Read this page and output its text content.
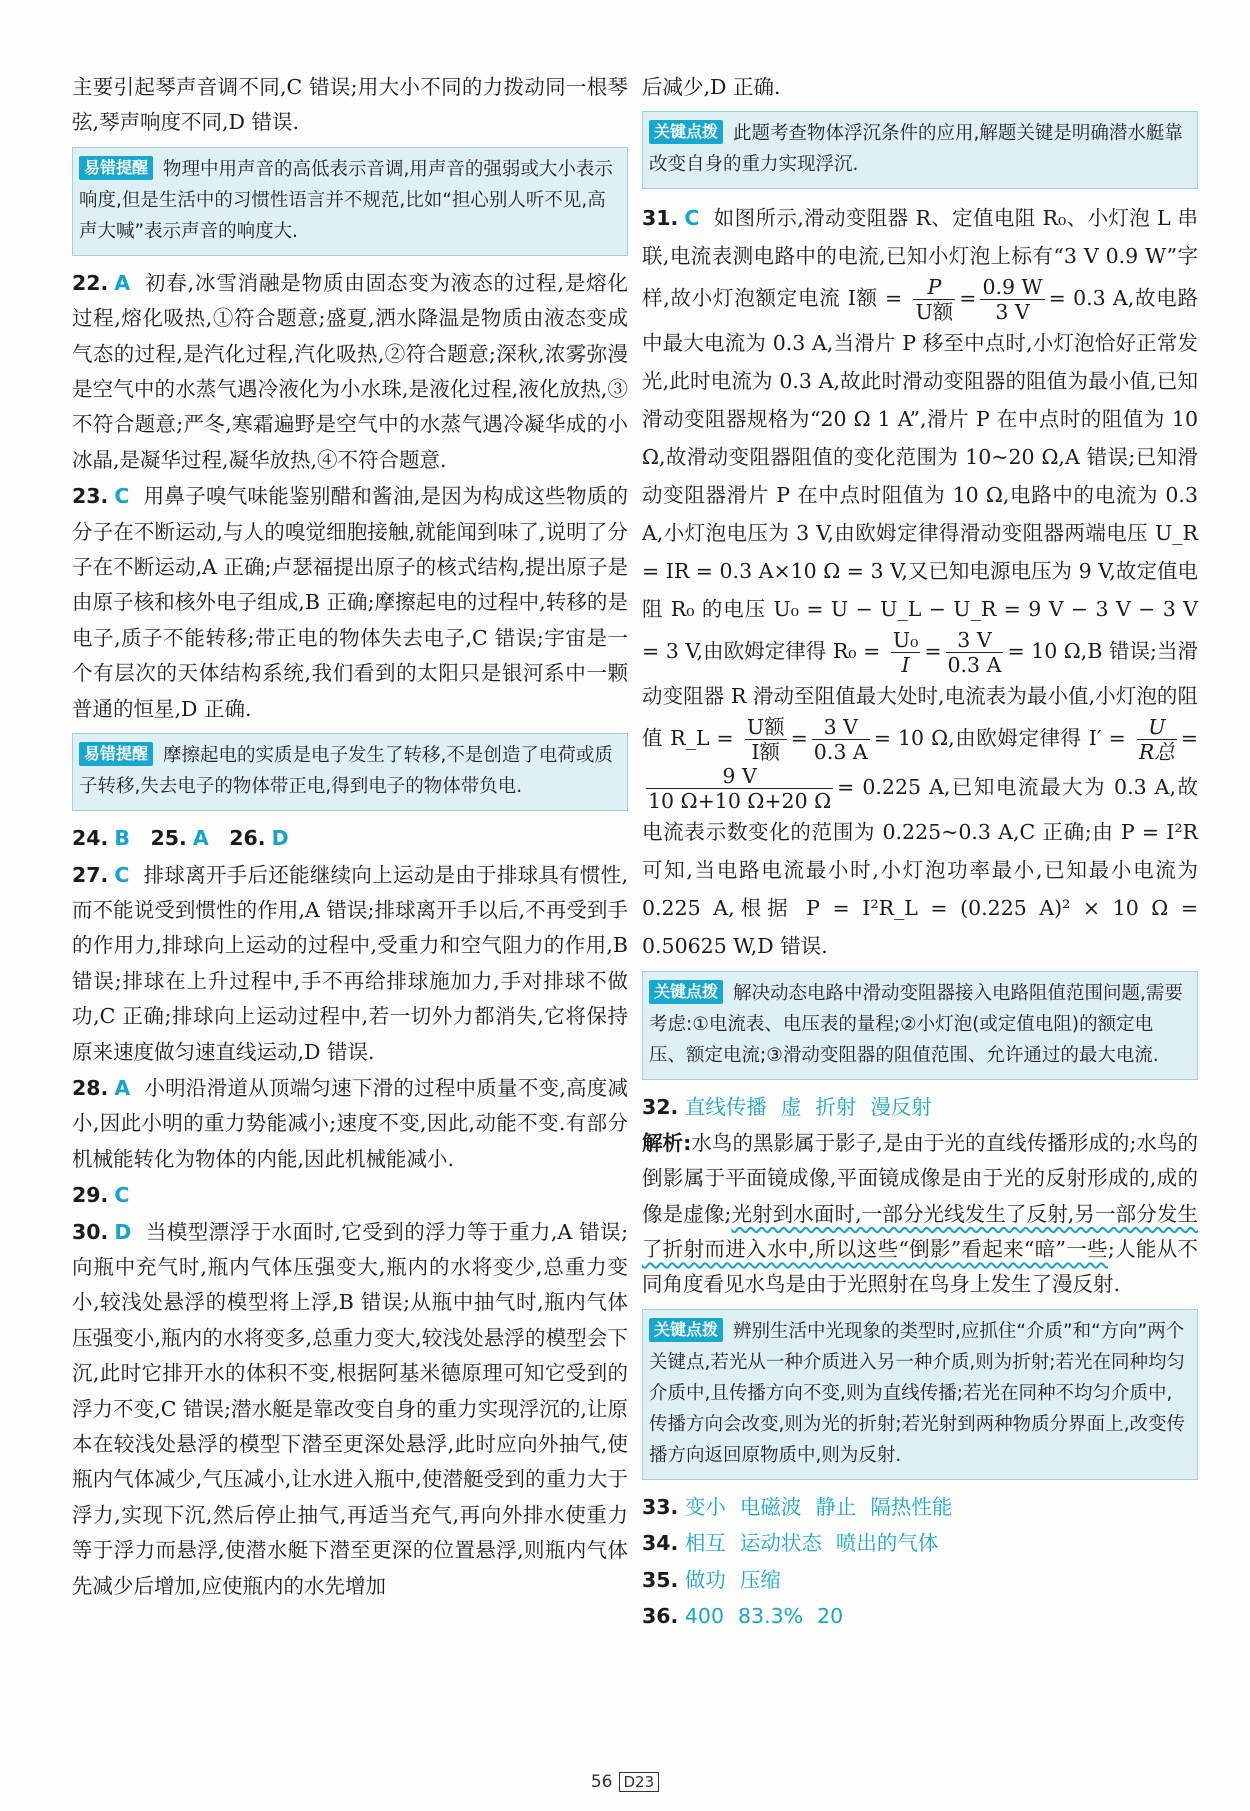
主要引起琴声音调不同,C 错误;用大小不同的力拨动同一根琴弦,琴声响度不同,D 错误.

易错提醒 物理中用声音的高低表示音调,用声音的强弱或大小表示响度,但是生活中的习惯性语言并不规范,比如“担心别人听不见,高声大喊”表示声音的响度大.

22. A 初春,冰雪消融是物质由固态变为液态的过程,是熔化过程,熔化吸热,①符合题意;盛夏,洒水降温是物质由液态变成气态的过程,是汽化过程,汽化吸热,②符合题意;深秋,浓雾弥漫是空气中的水蒸气遇冷液化为小水珠,是液化过程,液化放热,③不符合题意;严冬,寒霜遍野是空气中的水蒸气遇冷凝华成的小冰晶,是凝华过程,凝华放热,④不符合题意.

23. C 用鼻子嗅气味能鉴别醋和酱油,是因为构成这些物质的分子在不断运动,与人的嗅觉细胞接触,就能闻到味了,说明了分子在不断运动,A 正确;卢瑟福提出原子的核式结构,提出原子是由原子核和核外电子组成,B 正确;摩擦起电的过程中,转移的是电子,质子不能转移;带正电的物体失去电子,C 错误;宇宙是一个有层次的天体结构系统,我们看到的太阳只是银河系中一颗普通的恒星,D 正确.

易错提醒 摩擦起电的实质是电子发生了转移,不是创造了电荷或质子转移,失去电子的物体带正电,得到电子的物体带负电.

24. B 25. A 26. D

27. C 排球离开手后还能继续向上运动是由于排球具有惯性,而不能说受到惯性的作用,A 错误;排球离开手以后,不再受到手的作用力,排球向上运动的过程中,受重力和空气阻力的作用,B 错误;排球在上升过程中,手不再给排球施加力,手对排球不做功,C 正确;排球向上运动过程中,若一切外力都消失,它将保持原来速度做匀速直线运动,D 错误.

28. A 小明沿滑道从顶端匀速下滑的过程中质量不变,高度减小,因此小明的重力势能减小;速度不变,因此,动能不变.有部分机械能转化为物体的内能,因此机械能减小.

29. C

30. D 当模型漂浮于水面时,它受到的浮力等于重力,A 错误;向瓶中充气时,瓶内气体压强变大,瓶内的水将变少,总重力变小,较浅处悬浮的模型将上浮,B 错误;从瓶中抽气时,瓶内气体压强变小,瓶内的水将变多,总重力变大,较浅处悬浮的模型会下沉,此时它排开水的体积不变,根据阿基米德原理可知它受到的浮力不变,C 错误;潜水艇是靠改变自身的重力实现浮沉的,让原本在较浅处悬浮的模型下潜至更深处悬浮,此时应向外抽气,使瓶内气体减少,气压减小,让水进入瓶中,使潜艇受到的重力大于浮力,实现下沉,然后停止抽气,再适当充气,再向外排水使重力等于浮力而悬浮,使潜水艇下潜至更深的位置悬浮,则瓶内气体先减少后增加,应使瓶内的水先增加

后减少,D 正确.

关键点拨 此题考查物体浮沉条件的应用,解题关键是明确潜水艇靠改变自身的重力实现浮沉.

31. C 如图所示,滑动变阻器 R、定值电阻 R₀、小灯泡 L 串联,电流表测电路中的电流,已知小灯泡上标有“3 V 0.9 W”字样,故小灯泡额定电流 I额 = $\frac{P}{\text{U额}} = \frac{0.9 W}{3 V} = 0.3$ A,故电路中最大电流为 0.3 A,当滑片 P 移至中点时,小灯泡恰好正常发光,此时电流为 0.3 A,故此时滑动变阻器的阻值为最小值,已知滑动变阻器规格为“20 Ω 1 A”,滑片 P 在中点时的阻值为 10 Ω,故滑动变阻器阻值的变化范围为 10~20 Ω,A 错误;已知滑动变阻器滑片 P 在中点时阻值为 10 Ω,电路中的电流为 0.3 A,小灯泡电压为 3 V,由欧姆定律得滑动变阻器两端电压 U_R = IR = 0.3 A×10 Ω = 3 V,又已知电源电压为 9 V,故定值电阻 R₀ 的电压 U₀ = U − U_L − U_R = 9 V − 3 V − 3 V = 3 V,由欧姆定律得 $R_0 = \frac{\text{U₀}}{I} = \frac{3 V}{0.3 A} = 10$ Ω,B 错误;当滑动变阻器 R 滑动至阻值最大处时,电流表为最小值,小灯泡的阻值 R_L = $\frac{\text{U额}}{\text{I额}} = \frac{3 V}{0.3 A} = 10$ Ω,由欧姆定律得 $I' = \frac{U}{\text{R总}}$ =
$\frac{9 V}{10 \Omega+10 \Omega+20 \Omega} = 0.225$ A,已知电流最大为 0.3 A,故电流表示数变化的范围为 0.225~0.3 A,C 正确;由 P = I²R 可知,当电路电流最小时,小灯泡功率最小,已知最小电流为 0.225 A,根据 P = I²R_L = (0.225 A)² × 10 Ω = 0.50625 W,D 错误.

关键点拨 解决动态电路中滑动变阻器接入电路阻值范围问题,需要考虑:①电流表、电压表的量程;②小灯泡(或定值电阻)的额定电压、额定电流;③滑动变阻器的阻值范围、允许通过的最大电流.

32. 直线传播 虚 折射 漫反射

解析:水鸟的黑影属于影子,是由于光的直线传播形成的;水鸟的倒影属于平面镜成像,平面镜成像是由于光的反射形成的,成的像是虚像;光射到水面时,一部分光线发生了反射,另一部分发生了折射而进入水中,所以这些“倒影”看起来“暗”一些;人能从不同角度看见水鸟是由于光照射在鸟身上发生了漫反射.

关键点拨 辨别生活中光现象的类型时,应抓住“介质”和“方向”两个关键点,若光从一种介质进入另一种介质,则为折射;若光在同种均匀介质中,且传播方向不变,则为直线传播;若光在同种不均匀介质中,传播方向会改变,则为光的折射;若光射到两种物质分界面上,改变传播方向返回原物质中,则为反射.

33. 变小 电磁波 静止 隔热性能

34. 相互 运动状态 喷出的气体

35. 做功 压缩

36. 400 83.3% 20

56 D23
